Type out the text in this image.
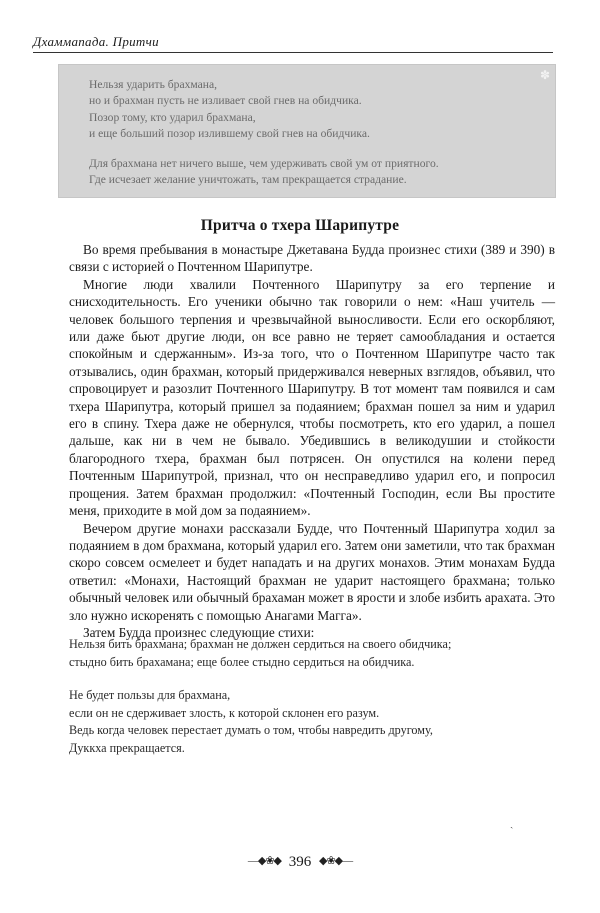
Дхаммапада. Притчи
✽
Нельзя ударить брахмана,
но и брахман пусть не изливает свой гнев на обидчика.
Позор тому, кто ударил брахмана,
и еще больший позор излившему свой гнев на обидчика.
Для брахмана нет ничего выше, чем удерживать свой ум от приятного.
Где исчезает желание уничтожать, там прекращается страдание.
Притча о тхера Шарипутре

Во время пребывания в монастыре Джетавана Будда произнес стихи (389 и 390) в связи с историей о Почтенном Шарипутре.

Многие люди хвалили Почтенного Шарипутру за его терпение и снисходительность. Его ученики обычно так говорили о нем: «Наш учитель — человек большого терпения и чрезвычайной выносливости. Если его оскорбляют, или даже бьют другие люди, он все равно не теряет самообладания и остается спокойным и сдержанным». Из-за того, что о Почтенном Шарипутре часто так отзывались, один брахман, который придерживался неверных взглядов, объявил, что спровоцирует и разозлит Почтенного Шарипутру. В тот момент там появился и сам тхера Шарипутра, который пришел за подаянием; брахман пошел за ним и ударил его в спину. Тхера даже не обернулся, чтобы посмотреть, кто его ударил, а пошел дальше, как ни в чем не бывало. Убедившись в великодушии и стойкости благородного тхера, брахман был потрясен. Он опустился на колени перед Почтенным Шарипутрой, признал, что он несправедливо ударил его, и попросил прощения. Затем брахман продолжил: «Почтенный Господин, если Вы простите меня, приходите в мой дом за подаянием».

Вечером другие монахи рассказали Будде, что Почтенный Шарипутра ходил за подаянием в дом брахмана, который ударил его. Затем они заметили, что так брахман скоро совсем осмелеет и будет нападать и на других монахов. Этим монахам Будда ответил: «Монахи, Настоящий брахман не ударит настоящего брахмана; только обычный человек или обычный брахаман может в ярости и злобе избить арахата. Это зло нужно искоренять с помощью Анагами Магга».

Затем Будда произнес следующие стихи:

Нельзя бить брахмана; брахман не должен сердиться на своего обидчика;
стыдно бить брахамана; еще более стыдно сердиться на обидчика.
Не будет пользы для брахмана,
если он не сдерживает злость, к которой склонен его разум.
Ведь когда человек перестает думать о том, чтобы навредить другому,
Дуккха прекращается.
ˎ
—◆❀◆ 396 ◆❀◆—
